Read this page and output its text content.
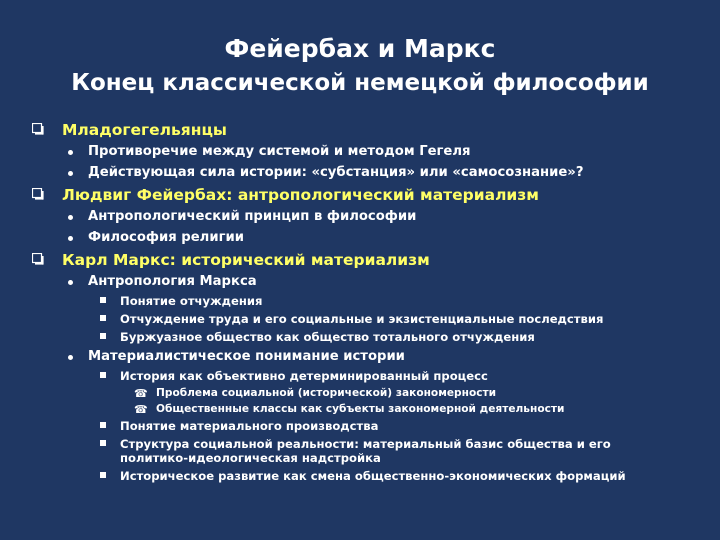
Фейербах и Маркс
Конец классической немецкой философии
Младогегельянцы
Противоречие между системой и методом Гегеля
Действующая сила истории: «субстанция» или «самосознание»?
Людвиг Фейербах: антропологический материализм
Антропологический принцип в философии
Философия религии
Карл Маркс: исторический материализм
Антропология Маркса
Понятие отчуждения
Отчуждение труда и его социальные и экзистенциальные последствия
Буржуазное общество как общество тотального отчуждения
Материалистическое понимание истории
История как объективно детерминированный процесс
☎ Проблема социальной (исторической) закономерности
☎ Общественные классы как субъекты закономерной деятельности
Понятие материального производства
Структура социальной реальности: материальный базис общества и его политико-идеологическая надстройка
Историческое развитие как смена общественно-экономических формаций
